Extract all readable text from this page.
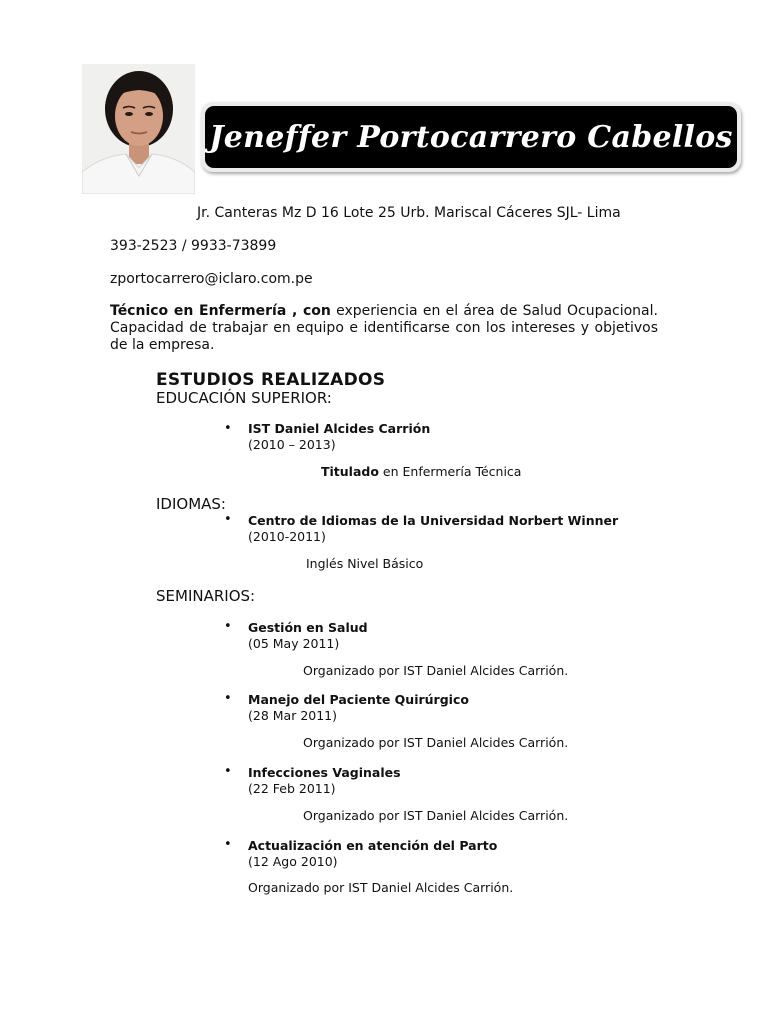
Jeneffer Portocarrero Cabellos
Jr. Canteras Mz D 16 Lote 25 Urb. Mariscal Cáceres SJL- Lima
393-2523 / 9933-73899
zportocarrero@iclaro.com.pe
Técnico en Enfermería , con experiencia en el área de Salud Ocupacional. Capacidad de trabajar en equipo e identificarse con los intereses y objetivos de la empresa.
ESTUDIOS REALIZADOS
EDUCACIÓN SUPERIOR:
• IST Daniel Alcides Carrión
(2010 – 2013)
Titulado en Enfermería Técnica
IDIOMAS:
• Centro de Idiomas de la Universidad Norbert Winner
(2010-2011)
Inglés Nivel Básico
SEMINARIOS:
• Gestión en Salud
(05 May 2011)
Organizado por IST Daniel Alcides Carrión.
• Manejo del Paciente Quirúrgico
(28 Mar 2011)
Organizado por IST Daniel Alcides Carrión.
• Infecciones Vaginales
(22 Feb 2011)
Organizado por IST Daniel Alcides Carrión.
• Actualización en atención del Parto
(12 Ago 2010)
Organizado por IST Daniel Alcides Carrión.
